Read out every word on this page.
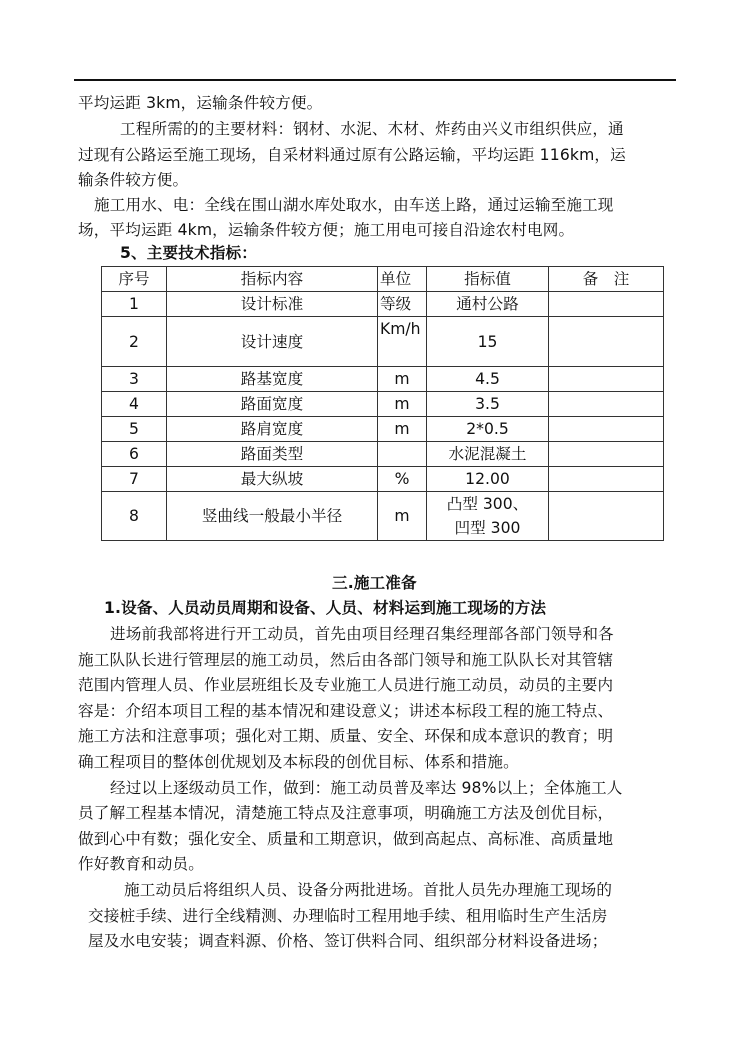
平均运距 3km，运输条件较方便。
工程所需的的主要材料：钢材、水泥、木材、炸药由兴义市组织供应，通
过现有公路运至施工现场，自采材料通过原有公路运输，平均运距 116km，运
输条件较方便。
施工用水、电：全线在围山湖水库处取水，由车送上路，通过运输至施工现
场，平均运距 4km，运输条件较方便；施工用电可接自沿途农村电网。
5、主要技术指标：
序号	指标内容	单位	指标值	备　注
1	设计标准	等级	通村公路	
2	设计速度	Km/h	15	
3	路基宽度	m	4.5	
4	路面宽度	m	3.5	
5	路肩宽度	m	2*0.5	
6	路面类型		水泥混凝土	
7	最大纵坡	%	12.00	
8	竖曲线一般最小半径	m	凸型 300、凹型 300	
三.施工准备
1.设备、人员动员周期和设备、人员、材料运到施工现场的方法
进场前我部将进行开工动员，首先由项目经理召集经理部各部门领导和各
施工队队长进行管理层的施工动员，然后由各部门领导和施工队队长对其管辖
范围内管理人员、作业层班组长及专业施工人员进行施工动员，动员的主要内
容是：介绍本项目工程的基本情况和建设意义；讲述本标段工程的施工特点、
施工方法和注意事项；强化对工期、质量、安全、环保和成本意识的教育；明
确工程项目的整体创优规划及本标段的创优目标、体系和措施。
经过以上逐级动员工作，做到：施工动员普及率达 98%以上；全体施工人
员了解工程基本情况，清楚施工特点及注意事项，明确施工方法及创优目标，
做到心中有数；强化安全、质量和工期意识，做到高起点、高标准、高质量地
作好教育和动员。
施工动员后将组织人员、设备分两批进场。首批人员先办理施工现场的
交接桩手续、进行全线精测、办理临时工程用地手续、租用临时生产生活房
屋及水电安装；调查料源、价格、签订供料合同、组织部分材料设备进场；
